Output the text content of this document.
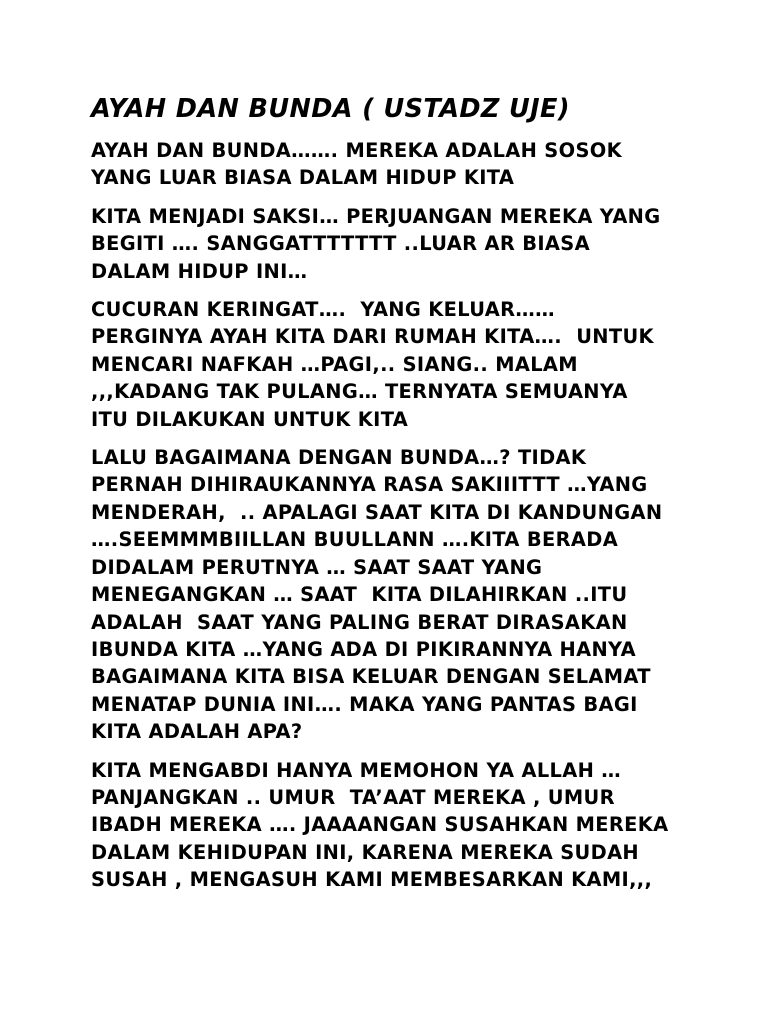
AYAH DAN BUNDA ( USTADZ UJE)

AYAH DAN BUNDA……. MEREKA ADALAH SOSOK
YANG LUAR BIASA DALAM HIDUP KITA

KITA MENJADI SAKSI… PERJUANGAN MEREKA YANG
BEGITI …. SANGGATTTTTTT ..LUAR AR BIASA
DALAM HIDUP INI…

CUCURAN KERINGAT….  YANG KELUAR……
PERGINYA AYAH KITA DARI RUMAH KITA….  UNTUK
MENCARI NAFKAH …PAGI,.. SIANG.. MALAM
,,,KADANG TAK PULANG… TERNYATA SEMUANYA
ITU DILAKUKAN UNTUK KITA

LALU BAGAIMANA DENGAN BUNDA…? TIDAK
PERNAH DIHIRAUKANNYA RASA SAKIIITTT …YANG
MENDERAH,  .. APALAGI SAAT KITA DI KANDUNGAN
….SEEMMMBIILLAN BUULLANN ….KITA BERADA
DIDALAM PERUTNYA … SAAT SAAT YANG
MENEGANGKAN … SAAT  KITA DILAHIRKAN ..ITU
ADALAH  SAAT YANG PALING BERAT DIRASAKAN
IBUNDA KITA …YANG ADA DI PIKIRANNYA HANYA
BAGAIMANA KITA BISA KELUAR DENGAN SELAMAT
MENATAP DUNIA INI…. MAKA YANG PANTAS BAGI
KITA ADALAH APA?

KITA MENGABDI HANYA MEMOHON YA ALLAH …
PANJANGKAN .. UMUR  TA’AAT MEREKA , UMUR
IBADH MEREKA …. JAAAANGAN SUSAHKAN MEREKA
DALAM KEHIDUPAN INI, KARENA MEREKA SUDAH
SUSAH , MENGASUH KAMI MEMBESARKAN KAMI,,,
